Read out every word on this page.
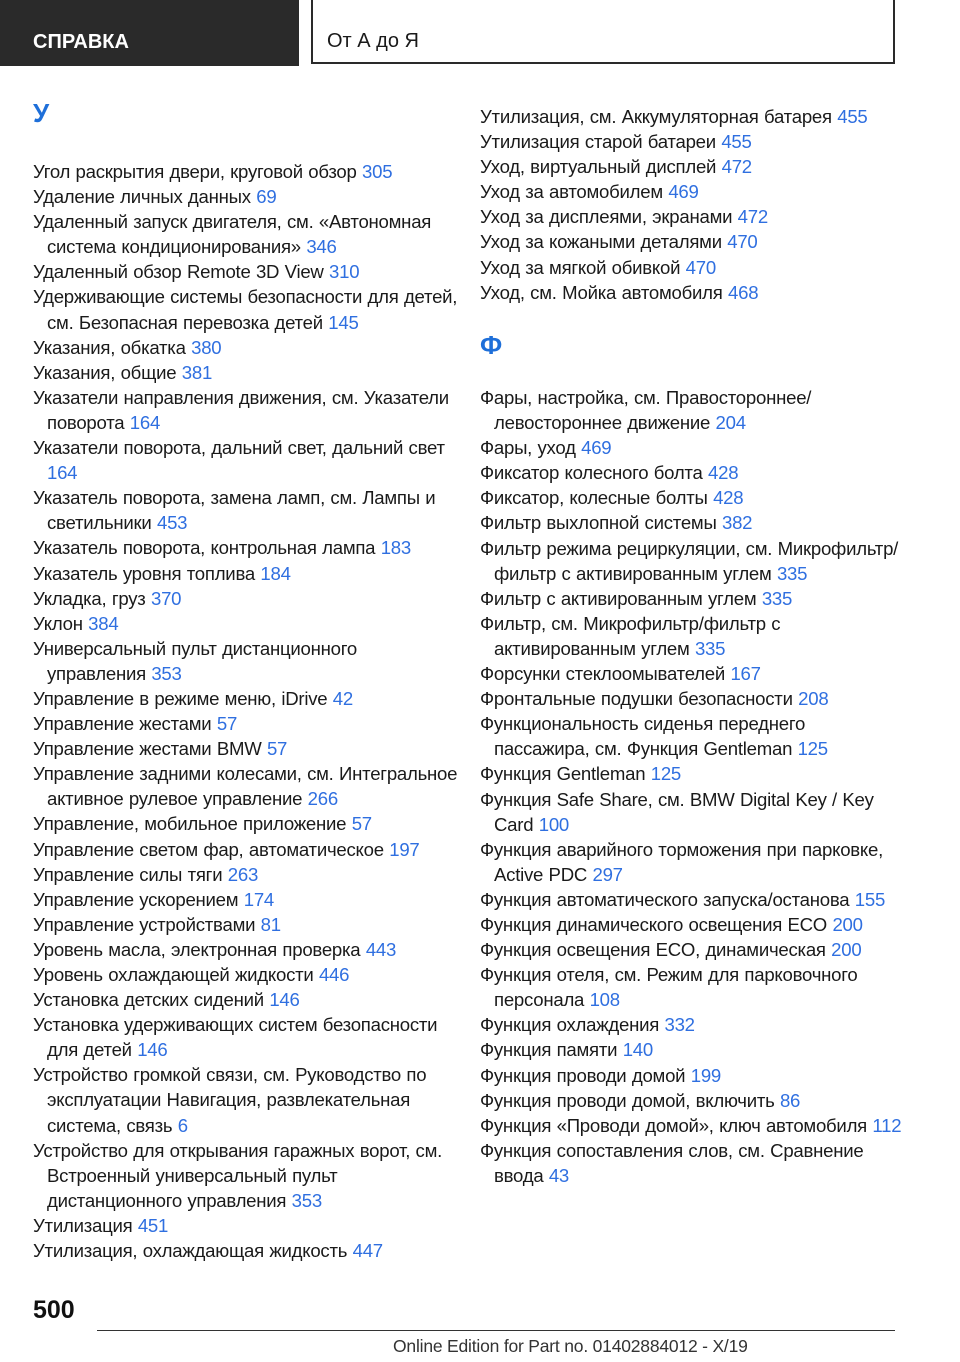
СПРАВКА	От А до Я
У
Угол раскрытия двери, круговой обзор 305
Удаление личных данных 69
Удаленный запуск двигателя, см. «Автономная система кондиционирования» 346
Удаленный обзор Remote 3D View 310
Удерживающие системы безопасности для детей, см. Безопасная перевозка детей 145
Указания, обкатка 380
Указания, общие 381
Указатели направления движения, см. Указатели поворота 164
Указатели поворота, дальний свет, дальний свет 164
Указатель поворота, замена ламп, см. Лампы и светильники 453
Указатель поворота, контрольная лампа 183
Указатель уровня топлива 184
Укладка, груз 370
Уклон 384
Универсальный пульт дистанционного управления 353
Управление в режиме меню, iDrive 42
Управление жестами 57
Управление жестами BMW 57
Управление задними колесами, см. Интегральное активное рулевое управление 266
Управление, мобильное приложение 57
Управление светом фар, автоматическое 197
Управление силы тяги 263
Управление ускорением 174
Управление устройствами 81
Уровень масла, электронная проверка 443
Уровень охлаждающей жидкости 446
Установка детских сидений 146
Установка удерживающих систем безопасности для детей 146
Устройство громкой связи, см. Руководство по эксплуатации Навигация, развлекательная система, связь 6
Устройство для открывания гаражных ворот, см. Встроенный универсальный пульт дистанционного управления 353
Утилизация 451
Утилизация, охлаждающая жидкость 447
Утилизация, см. Аккумуляторная батарея 455
Утилизация старой батареи 455
Уход, виртуальный дисплей 472
Уход за автомобилем 469
Уход за дисплеями, экранами 472
Уход за кожаными деталями 470
Уход за мягкой обивкой 470
Уход, см. Мойка автомобиля 468
Ф
Фары, настройка, см. Правостороннее/левостороннее движение 204
Фары, уход 469
Фиксатор колесного болта 428
Фиксатор, колесные болты 428
Фильтр выхлопной системы 382
Фильтр режима рециркуляции, см. Микрофильтр/фильтр с активированным углем 335
Фильтр с активированным углем 335
Фильтр, см. Микрофильтр/фильтр с активированным углем 335
Форсунки стеклоомывателей 167
Фронтальные подушки безопасности 208
Функциональность сиденья переднего пассажира, см. Функция Gentleman 125
Функция Gentleman 125
Функция Safe Share, см. BMW Digital Key / Key Card 100
Функция аварийного торможения при парковке, Active PDC 297
Функция автоматического запуска/останова 155
Функция динамического освещения ECO 200
Функция освещения ECO, динамическая 200
Функция отеля, см. Режим для парковочного персонала 108
Функция охлаждения 332
Функция памяти 140
Функция проводи домой 199
Функция проводи домой, включить 86
Функция «Проводи домой», ключ автомобиля 112
Функция сопоставления слов, см. Сравнение ввода 43
500
Online Edition for Part no. 01402884012 - X/19
